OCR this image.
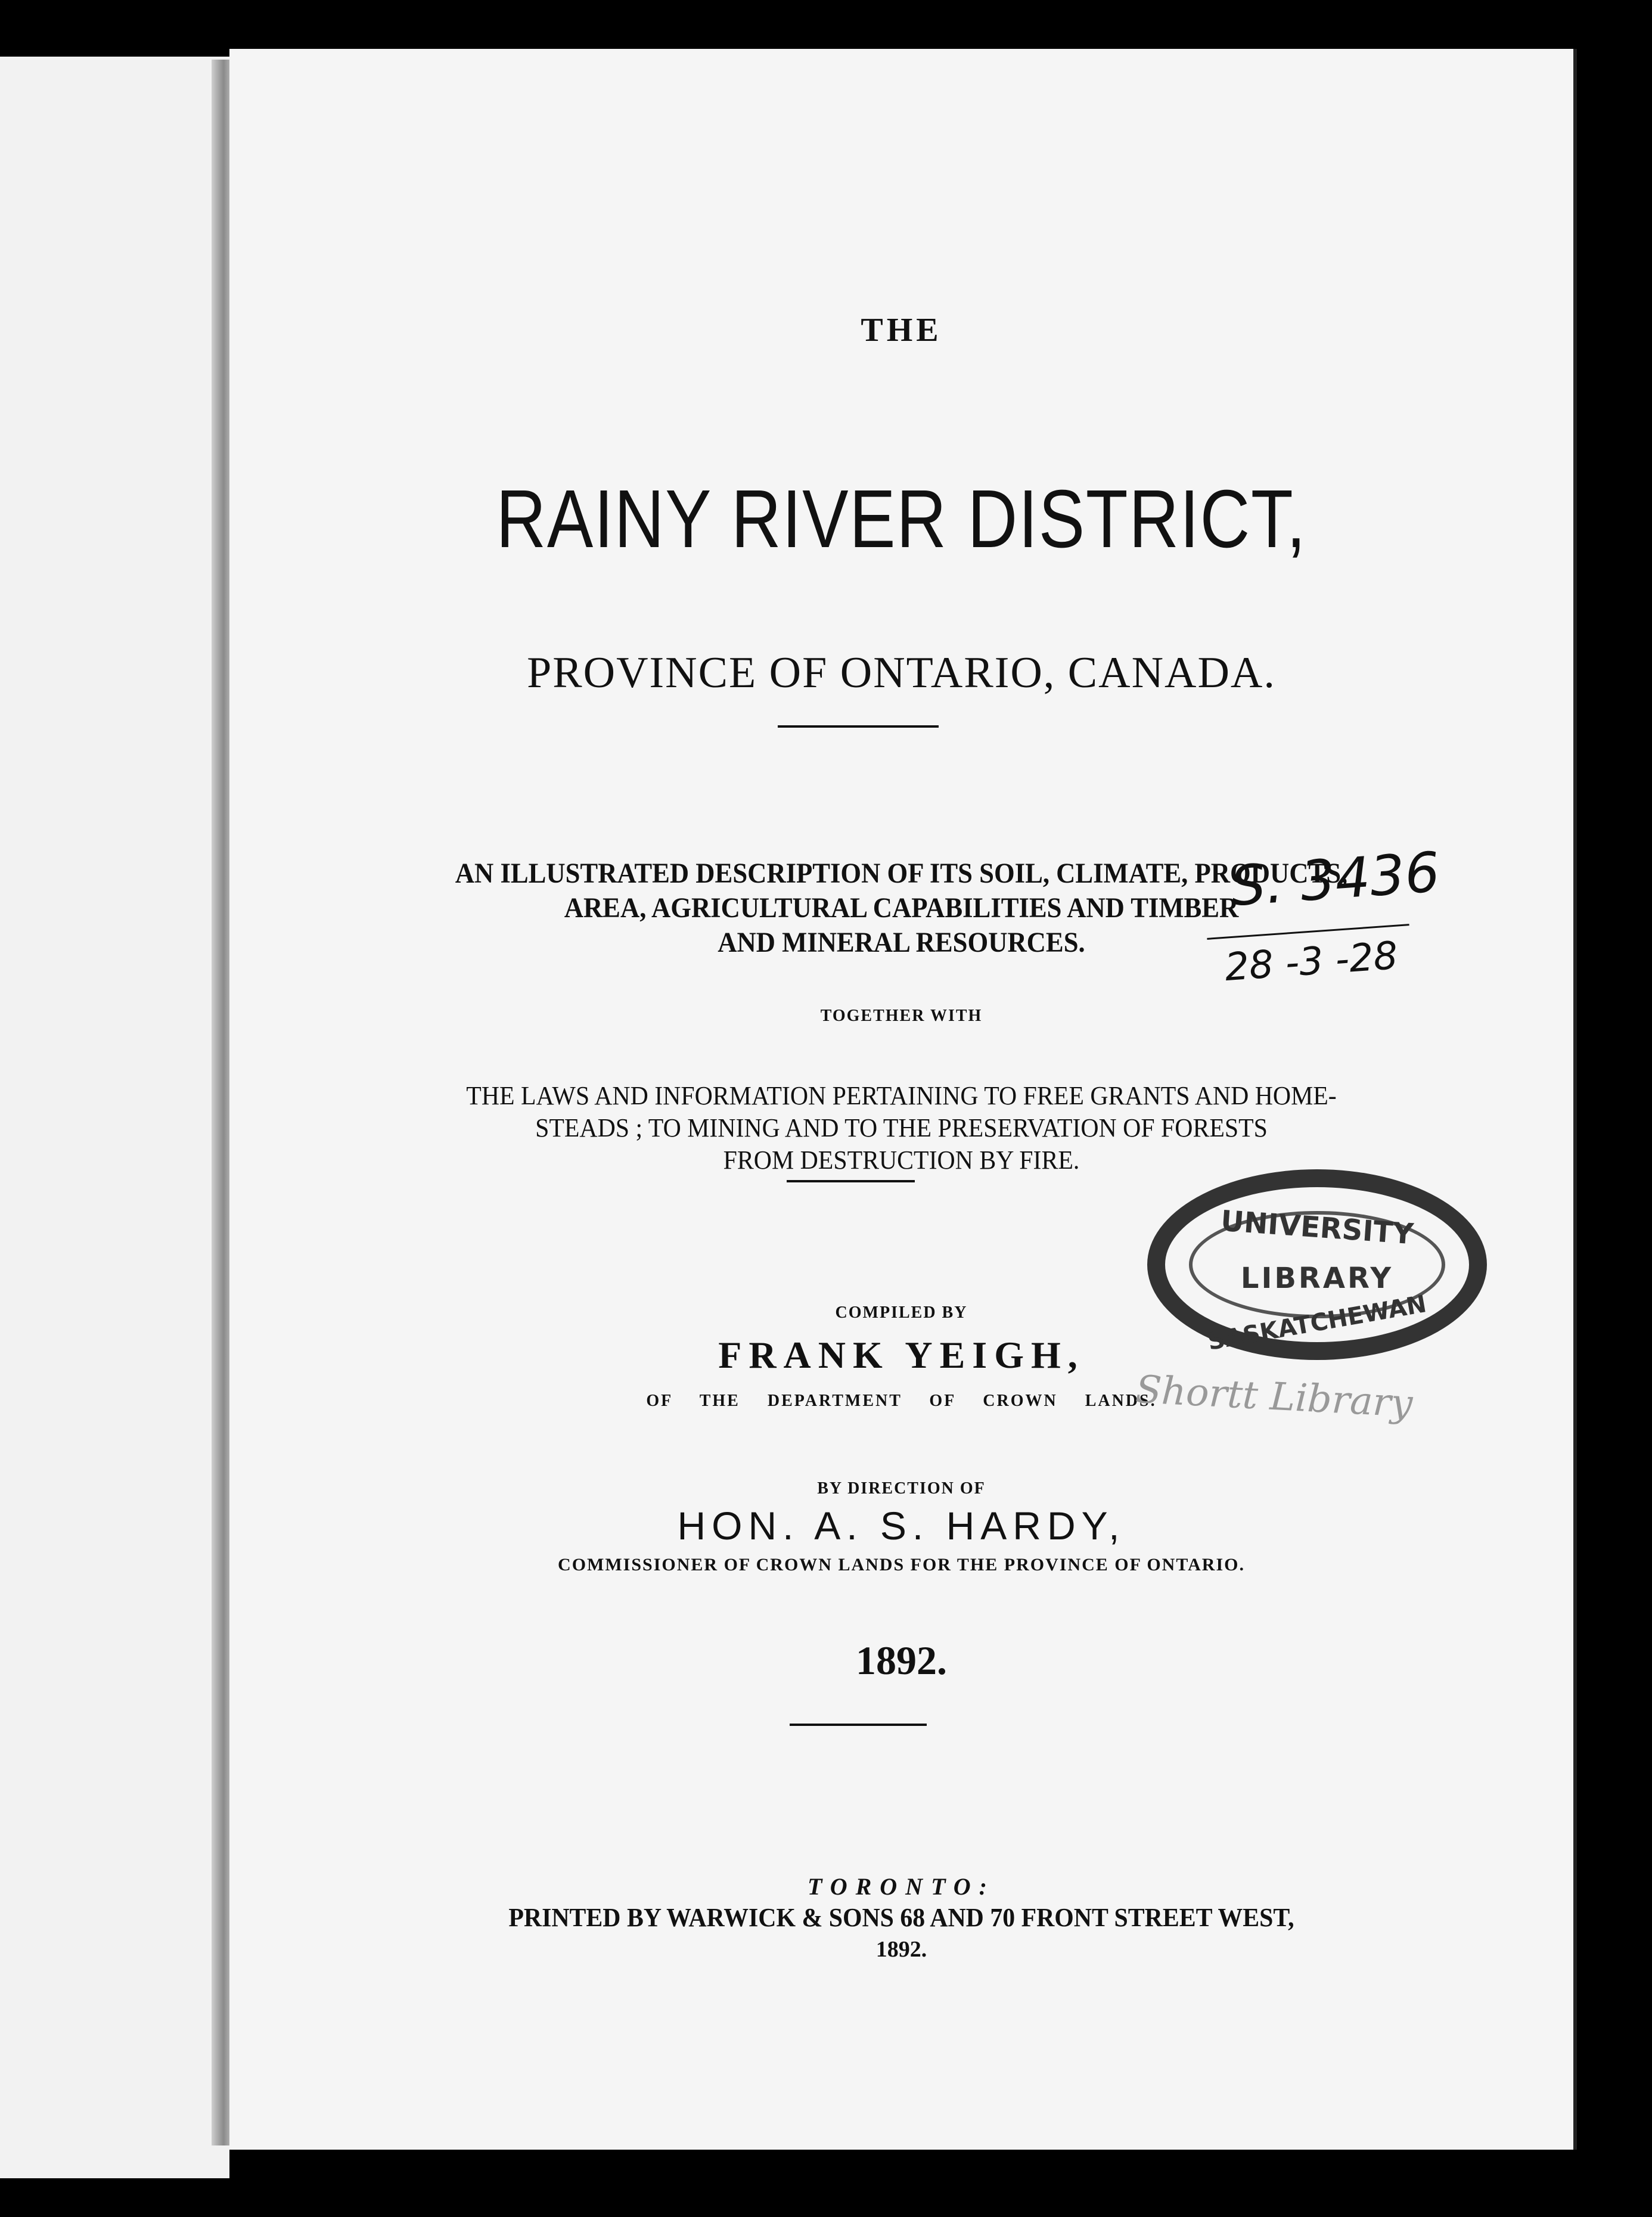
THE
RAINY RIVER DISTRICT,
PROVINCE OF ONTARIO, CANADA.
AN ILLUSTRATED DESCRIPTION OF ITS SOIL, CLIMATE, PRODUCTS,
AREA, AGRICULTURAL CAPABILITIES AND TIMBER
AND MINERAL RESOURCES.
TOGETHER WITH
THE LAWS AND INFORMATION PERTAINING TO FREE GRANTS AND HOME-
STEADS ; TO MINING AND TO THE PRESERVATION OF FORESTS
FROM DESTRUCTION BY FIRE.
COMPILED BY
FRANK YEIGH,
OF THE DEPARTMENT OF CROWN LANDS.
BY DIRECTION OF
HON. A. S. HARDY,
COMMISSIONER OF CROWN LANDS FOR THE PROVINCE OF ONTARIO.
1892.
TORONTO:
PRINTED BY WARWICK & SONS 68 AND 70 FRONT STREET WEST,
1892.
S. 3436
28 -3 -28
UNIVERSITY
LIBRARY
SASKATCHEWAN
Shortt Library
